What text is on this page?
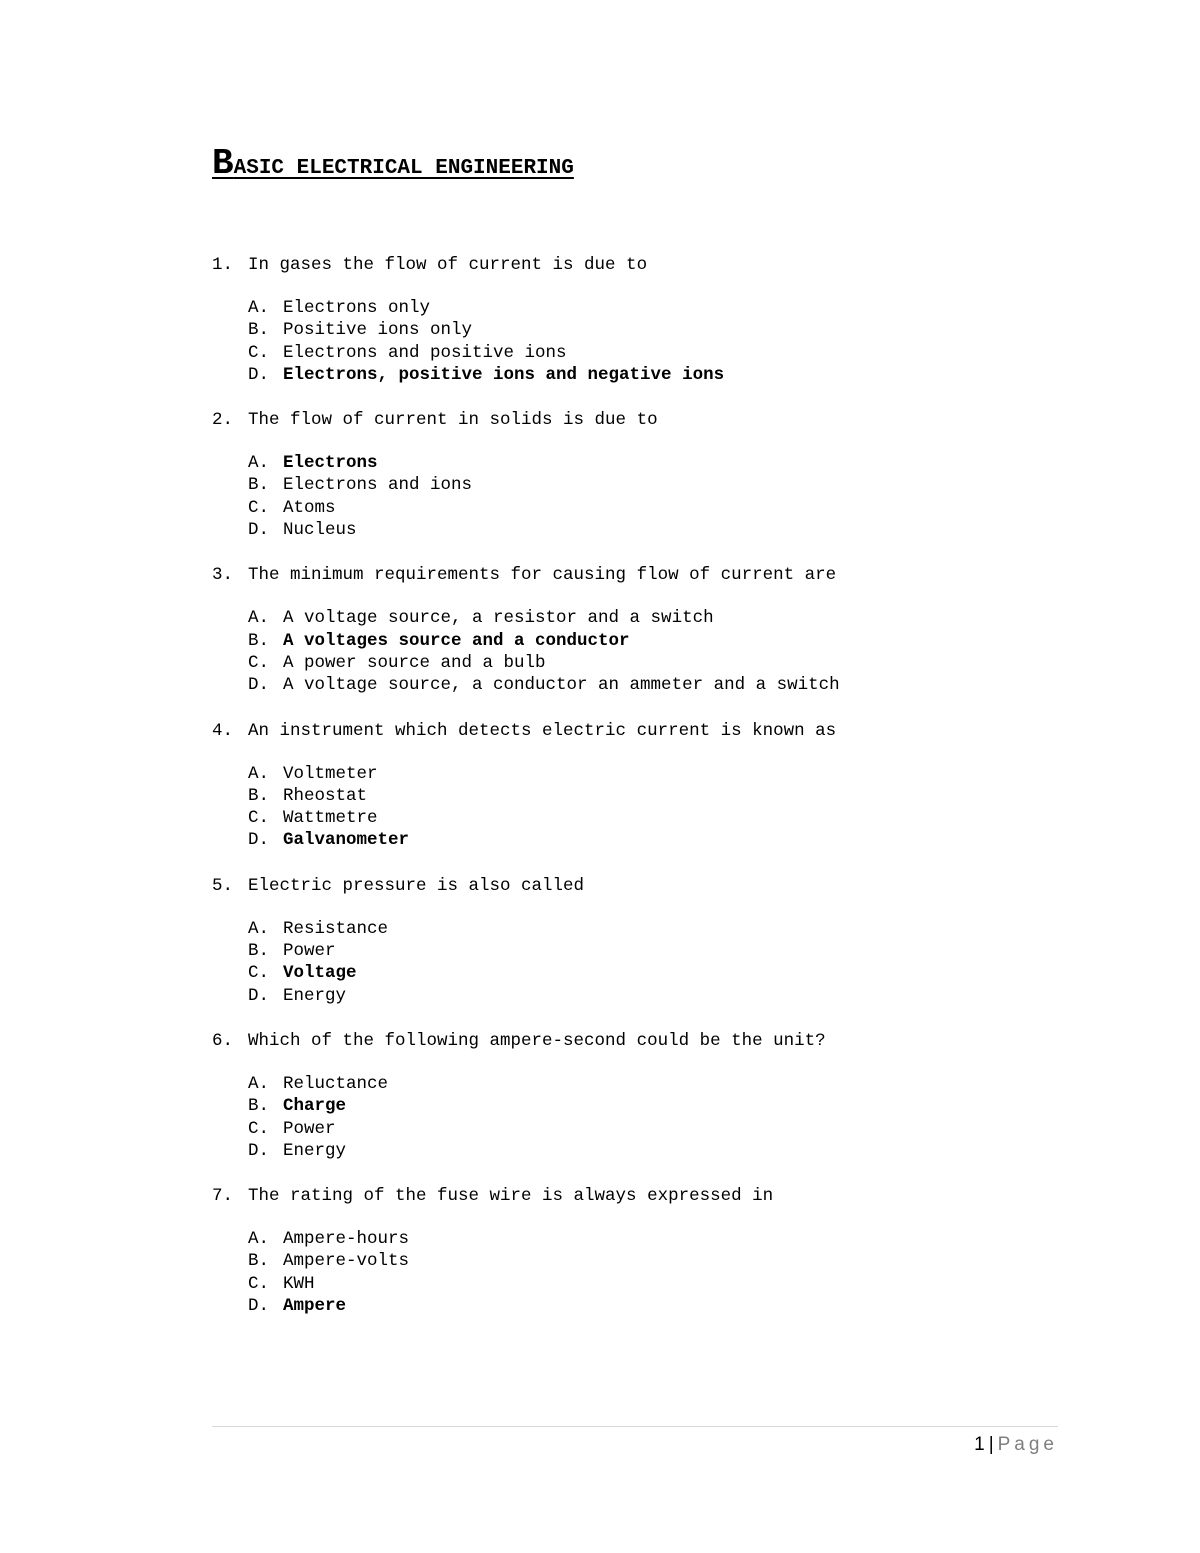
BASIC ELECTRICAL ENGINEERING
1. In gases the flow of current is due to
A. Electrons only
B. Positive ions only
C. Electrons and positive ions
D. Electrons, positive ions and negative ions
2. The flow of current in solids is due to
A. Electrons
B. Electrons and ions
C. Atoms
D. Nucleus
3. The minimum requirements for causing flow of current are
A. A voltage source, a resistor and a switch
B. A voltages source and a conductor
C. A power source and a bulb
D. A voltage source, a conductor an ammeter and a switch
4. An instrument which detects electric current is known as
A. Voltmeter
B. Rheostat
C. Wattmetre
D. Galvanometer
5. Electric pressure is also called
A. Resistance
B. Power
C. Voltage
D. Energy
6. Which of the following ampere-second could be the unit?
A. Reluctance
B. Charge
C. Power
D. Energy
7. The rating of the fuse wire is always expressed in
A. Ampere-hours
B. Ampere-volts
C. KWH
D. Ampere
1 | Page
